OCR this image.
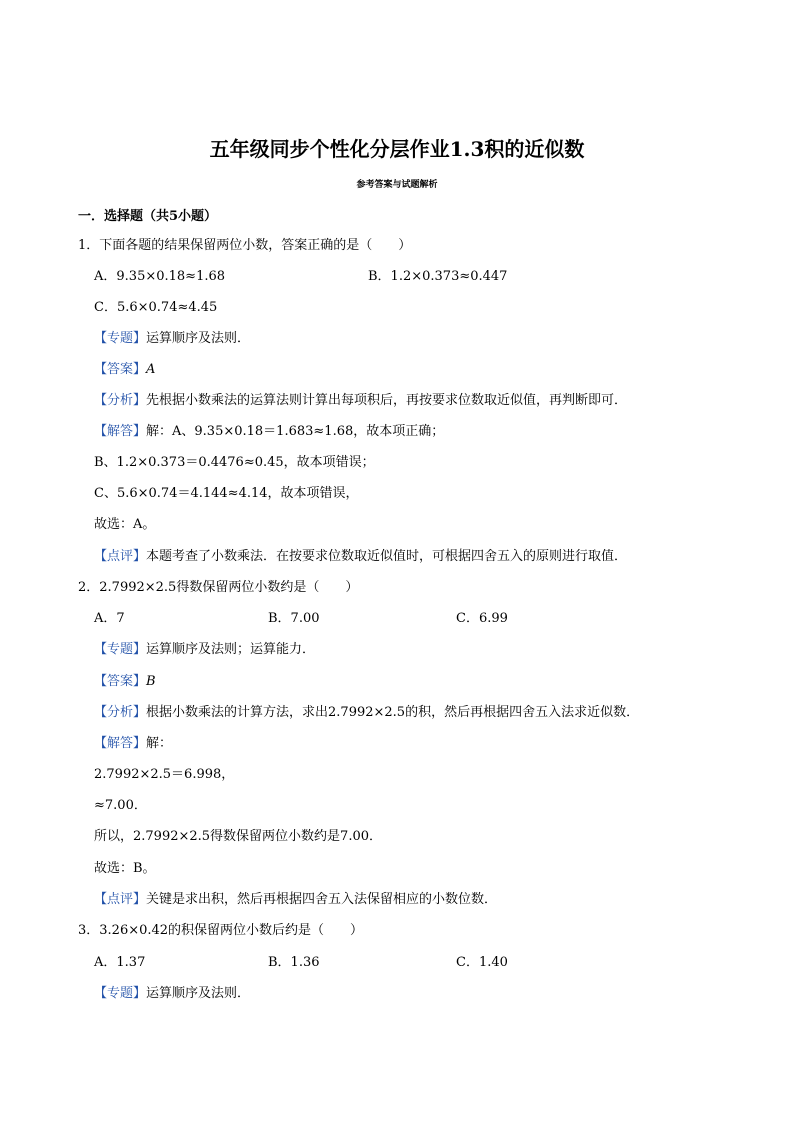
五年级同步个性化分层作业1.3积的近似数
参考答案与试题解析
一．选择题（共5小题）
1．下面各题的结果保留两位小数，答案正确的是（　　）
A．9.35×0.18≈1.68	B．1.2×0.373≈0.447
C．5.6×0.74≈4.45
【专题】运算顺序及法则．
【答案】A
【分析】先根据小数乘法的运算法则计算出每项积后，再按要求位数取近似值，再判断即可．
【解答】解：A、9.35×0.18＝1.683≈1.68，故本项正确；
B、1.2×0.373＝0.4476≈0.45，故本项错误；
C、5.6×0.74＝4.144≈4.14，故本项错误，
故选：A。
【点评】本题考查了小数乘法．在按要求位数取近似值时，可根据四舍五入的原则进行取值．
2．2.7992×2.5得数保留两位小数约是（　　）
A．7	B．7.00	C．6.99
【专题】运算顺序及法则；运算能力．
【答案】B
【分析】根据小数乘法的计算方法，求出2.7992×2.5的积，然后再根据四舍五入法求近似数．
【解答】解：
2.7992×2.5＝6.998，
≈7.00．
所以，2.7992×2.5得数保留两位小数约是7.00．
故选：B。
【点评】关键是求出积，然后再根据四舍五入法保留相应的小数位数．
3．3.26×0.42的积保留两位小数后约是（　　）
A．1.37	B．1.36	C．1.40
【专题】运算顺序及法则．
